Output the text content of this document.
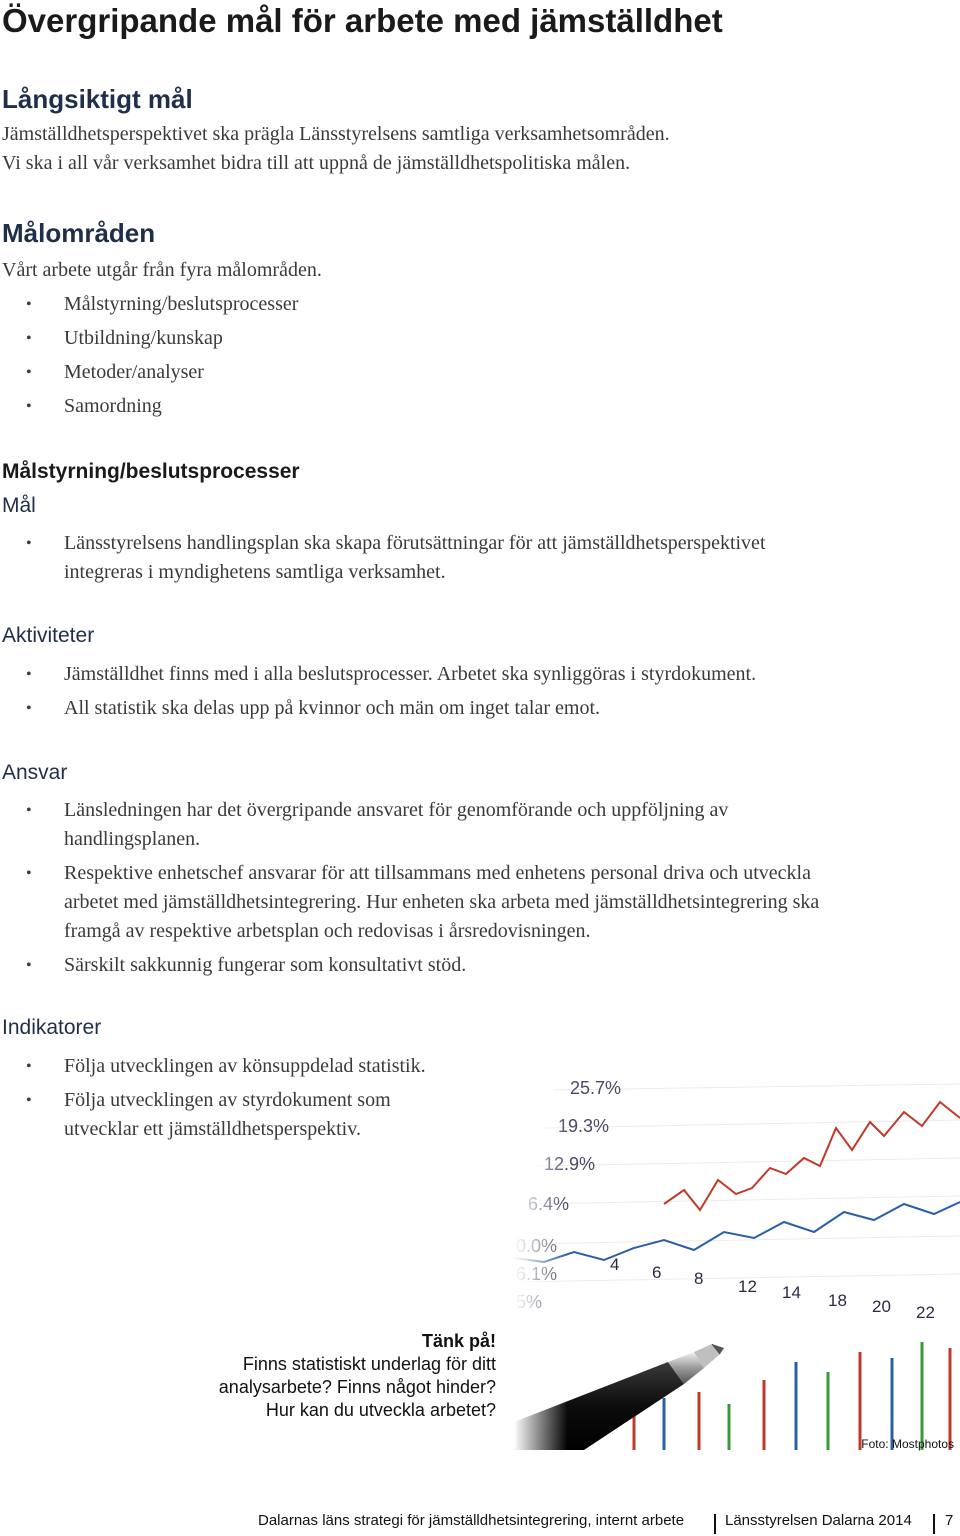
Övergripande mål för arbete med jämställdhet
Långsiktigt mål
Jämställdhetsperspektivet ska prägla Länsstyrelsens samtliga verksamhetsområden.
Vi ska i all vår verksamhet bidra till att uppnå de jämställdhetspolitiska målen.
Målområden
Vårt arbete utgår från fyra målområden.
• Målstyrning/beslutsprocesser
• Utbildning/kunskap
• Metoder/analyser
• Samordning
Målstyrning/beslutsprocesser
Mål
• Länsstyrelsens handlingsplan ska skapa förutsättningar för att jämställdhetsperspektivet
integreras i myndighetens samtliga verksamhet.
Aktiviteter
• Jämställdhet finns med i alla beslutsprocesser. Arbetet ska synliggöras i styrdokument.
• All statistik ska delas upp på kvinnor och män om inget talar emot.
Ansvar
• Länsledningen har det övergripande ansvaret för genomförande och uppföljning av
handlingsplanen.
• Respektive enhetschef ansvarar för att tillsammans med enhetens personal driva och utveckla
arbetet med jämställdhetsintegrering. Hur enheten ska arbeta med jämställdhetsintegrering ska
framgå av respektive arbetsplan och redovisas i årsredovisningen.
• Särskilt sakkunnig fungerar som konsultativt stöd.
Indikatorer
• Följa utvecklingen av könsuppdelad statistik.
• Följa utvecklingen av styrdokument som
utvecklar ett jämställdhetsperspektiv.
Tänk på!
Finns statistiskt underlag för ditt
analysarbete? Finns något hinder?
Hur kan du utveckla arbetet?
Foto: Mostphotos
Dalarnas läns strategi för jämställdhetsintegrering, internt arbete	Länsstyrelsen Dalarna 2014 7
